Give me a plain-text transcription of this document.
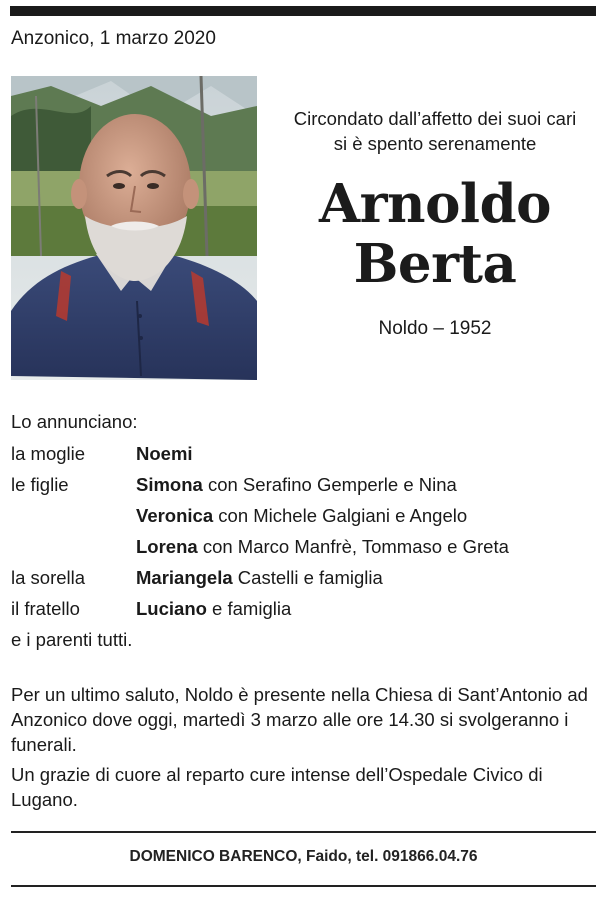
Anzonico, 1 marzo 2020
Circondato dall’affetto dei suoi cari
si è spento serenamente
Arnoldo
Berta
Noldo – 1952
Lo annunciano:
la moglie	Noemi
le figlie	Simona con Serafino Gemperle e Nina
Veronica con Michele Galgiani e Angelo
Lorena con Marco Manfrè, Tommaso e Greta
la sorella	Mariangela Castelli e famiglia
il fratello	Luciano e famiglia
e i parenti tutti.
Per un ultimo saluto, Noldo è presente nella Chiesa di Sant’Antonio ad Anzonico dove oggi, martedì 3 marzo alle ore 14.30 si svolgeranno i funerali.
Un grazie di cuore al reparto cure intense dell’Ospedale Civico di Lugano.
DOMENICO BARENCO, Faido, tel. 091866.04.76
